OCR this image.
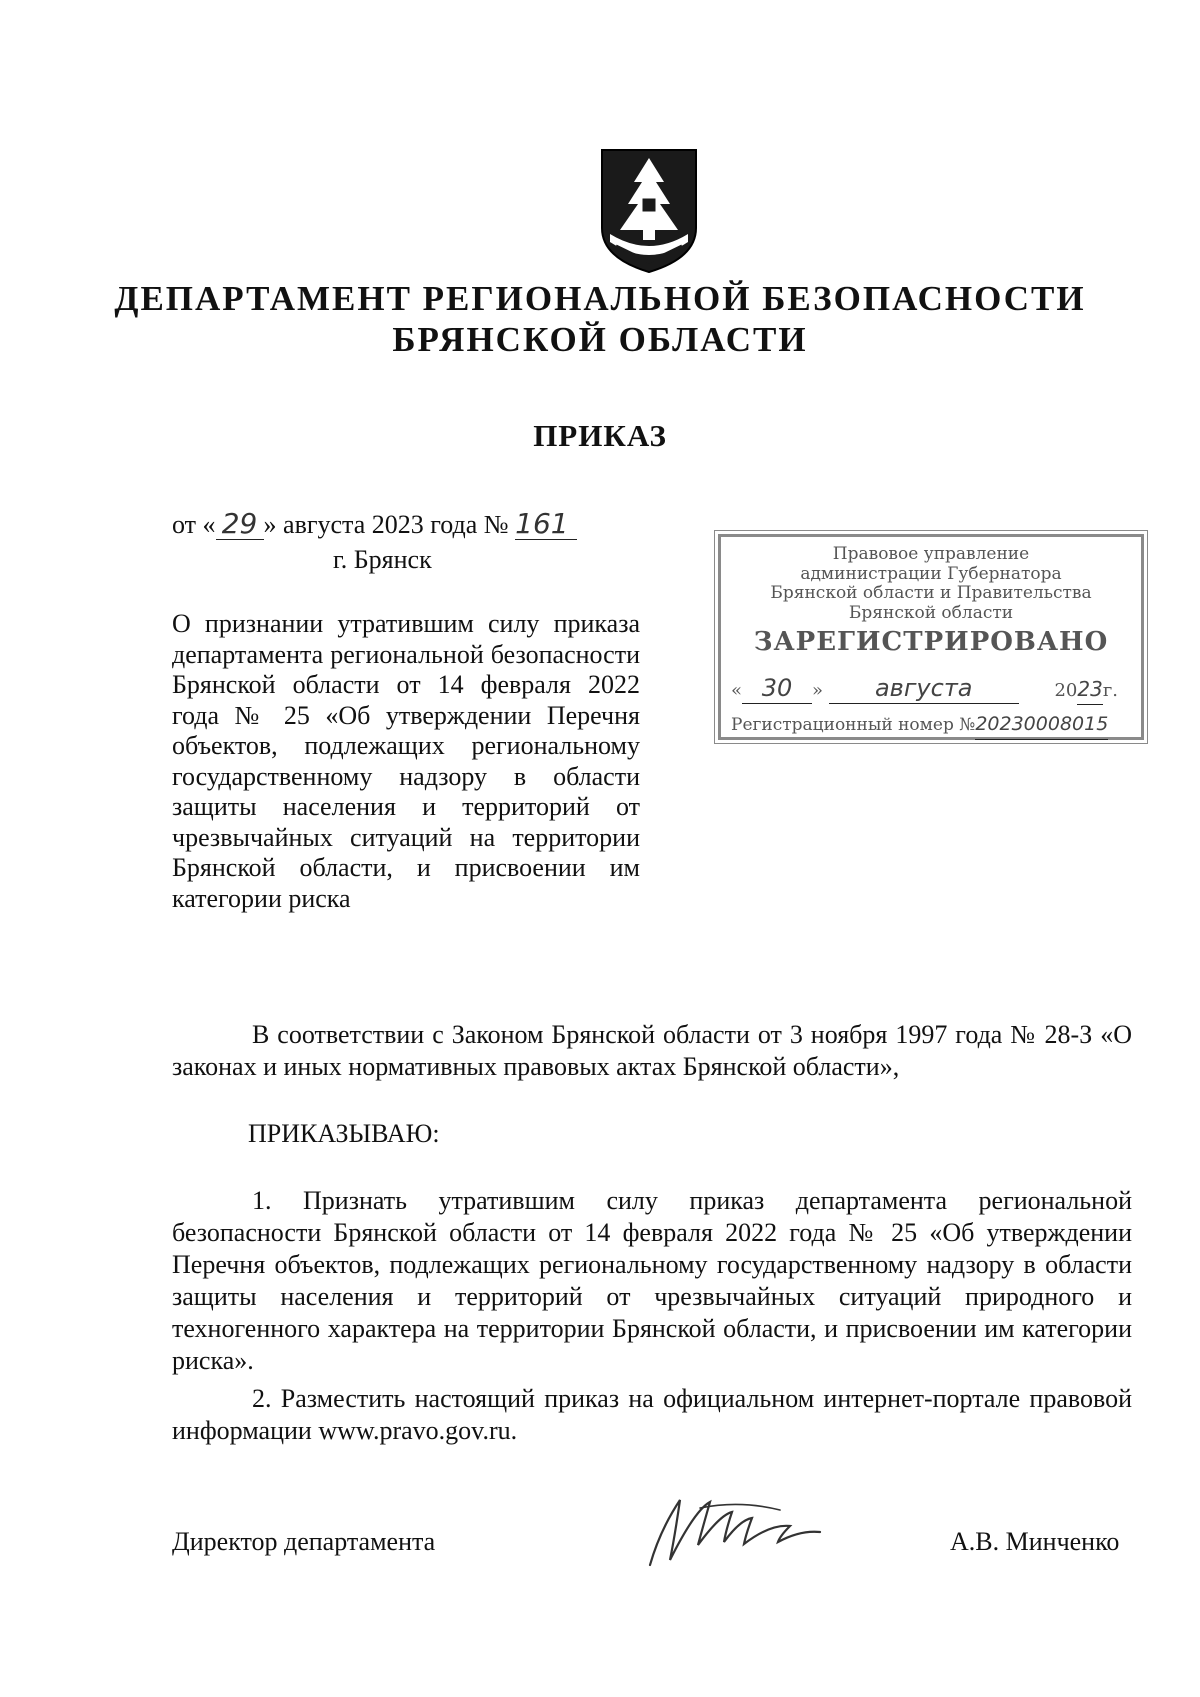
ДЕПАРТАМЕНТ РЕГИОНАЛЬНОЙ БЕЗОПАСНОСТИ
БРЯНСКОЙ ОБЛАСТИ
ПРИКАЗ
от « 29 » августа 2023 года № 161
г. Брянск
О признании утратившим силу приказа департамента региональной безопасности Брянской области от 14 февраля 2022 года № 25 «Об утверждении Перечня объектов, подлежащих региональному государственному надзору в области защиты населения и территорий от чрезвычайных ситуаций на территории Брянской области, и присвоении им категории риска
Правовое управление
администрации Губернатора
Брянской области и Правительства
Брянской области
ЗАРЕГИСТРИРОВАНО
« 30 » августа	2023г.
Регистрационный номер №20230008015
В соответствии с Законом Брянской области от 3 ноября 1997 года № 28-З «О законах и иных нормативных правовых актах Брянской области»,
ПРИКАЗЫВАЮ:
1. Признать утратившим силу приказ департамента региональной безопасности Брянской области от 14 февраля 2022 года № 25 «Об утверждении Перечня объектов, подлежащих региональному государственному надзору в области защиты населения и территорий от чрезвычайных ситуаций природного и техногенного характера на территории Брянской области, и присвоении им категории риска».
2. Разместить настоящий приказ на официальном интернет-портале правовой информации www.pravo.gov.ru.
Директор департамента	А.В. Минченко
